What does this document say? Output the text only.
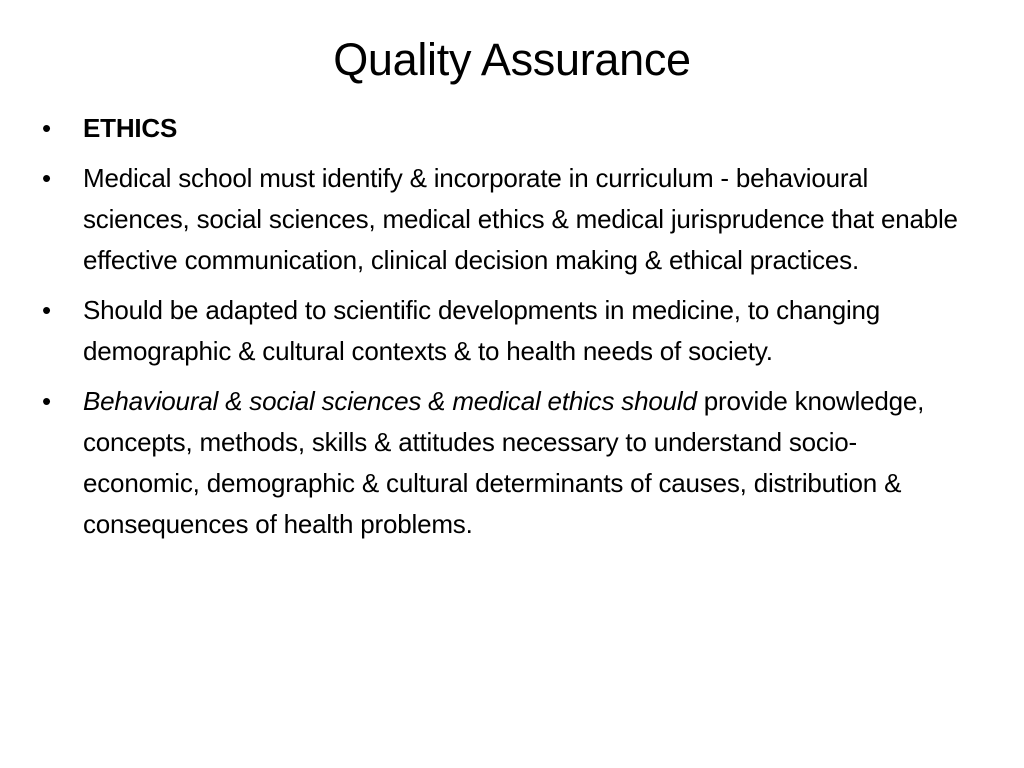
Quality Assurance
•	ETHICS
•	Medical school must identify & incorporate in curriculum - behavioural sciences, social sciences, medical ethics & medical jurisprudence that enable effective communication, clinical decision making & ethical practices.
•	Should be adapted to scientific developments in medicine, to changing demographic & cultural contexts & to health needs of society.
•	Behavioural & social sciences & medical ethics should provide knowledge, concepts, methods, skills & attitudes necessary to understand socio-economic, demographic & cultural determinants of causes, distribution & consequences of health problems.
